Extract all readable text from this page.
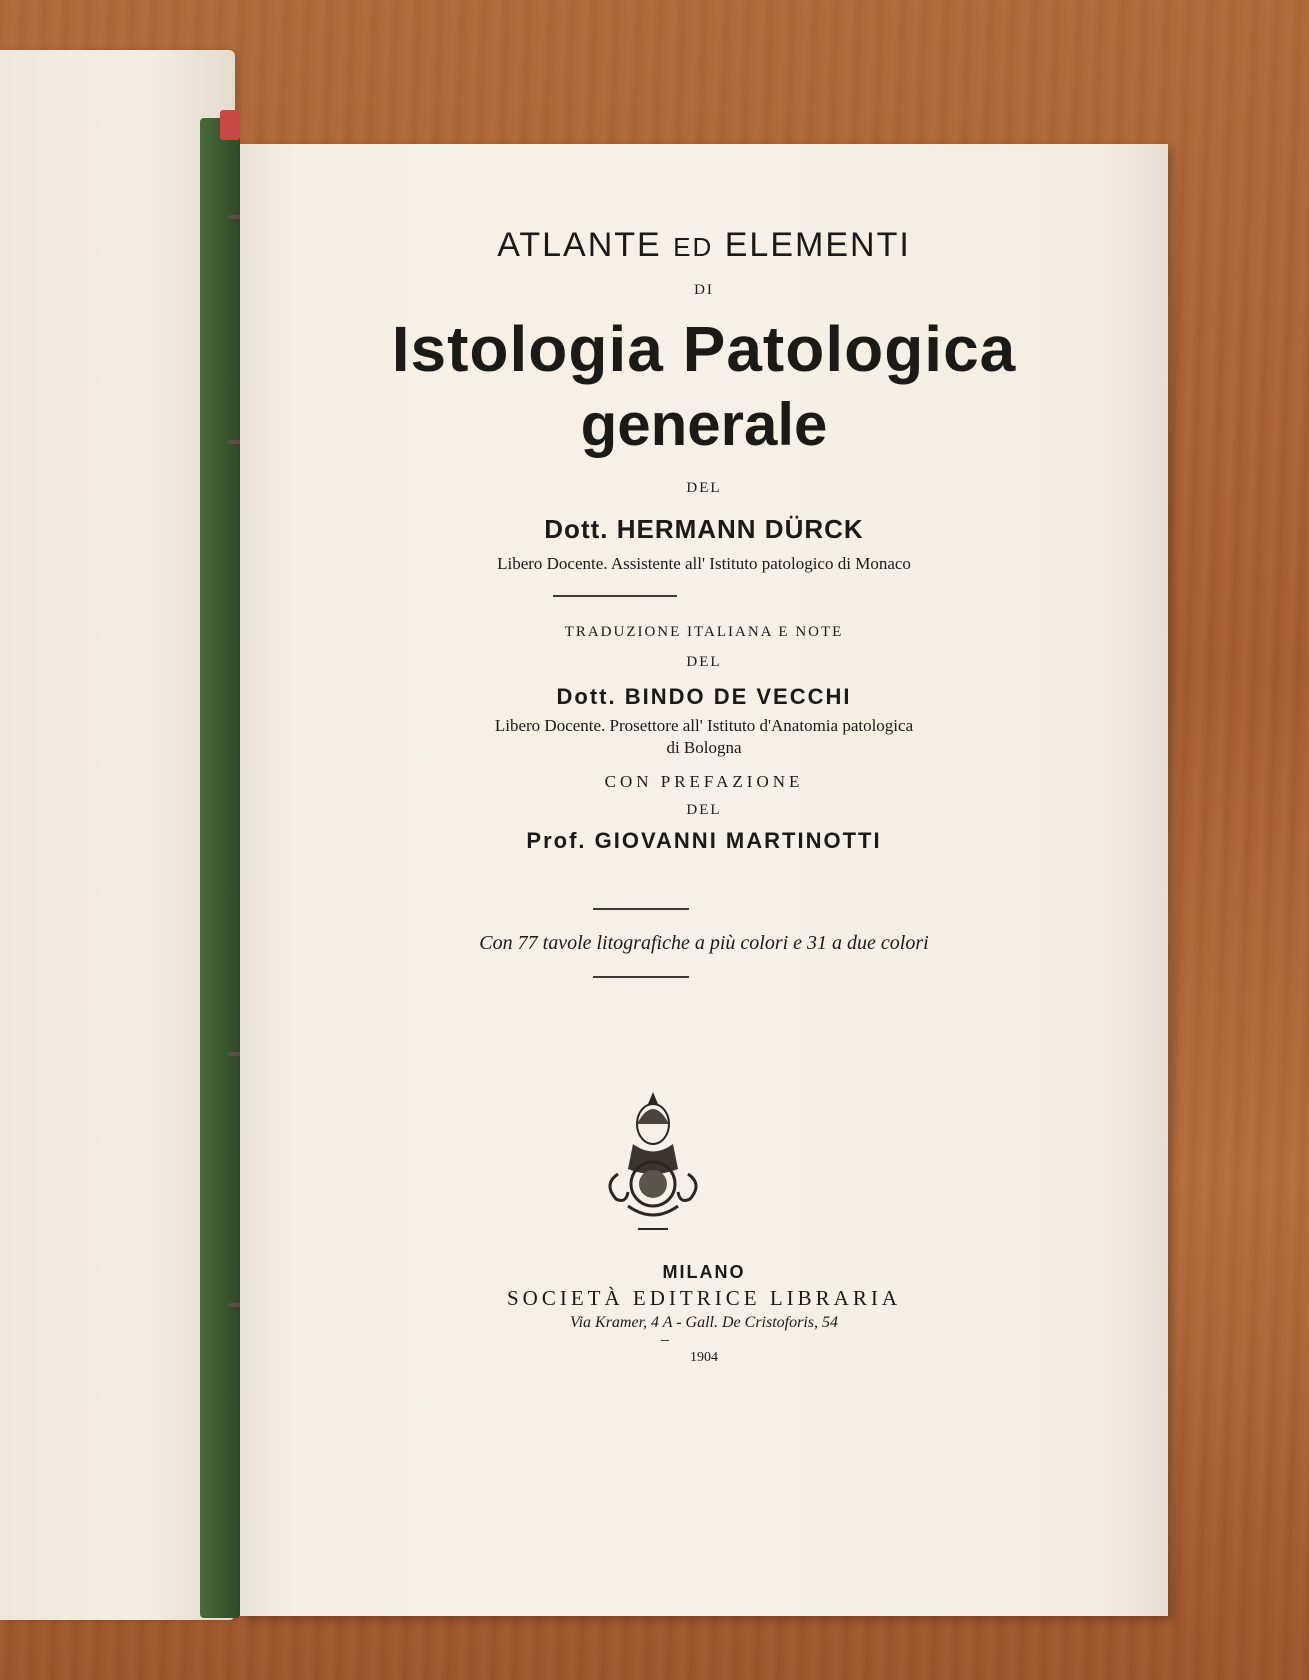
ATLANTE ED ELEMENTI
DI
Istologia Patologica
generale
DEL
Dott. HERMANN DÜRCK
Libero Docente. Assistente all' Istituto patologico di Monaco
TRADUZIONE ITALIANA E NOTE
DEL
Dott. BINDO DE VECCHI
Libero Docente. Prosettore all' Istituto d'Anatomia patologica
di Bologna
CON PREFAZIONE
DEL
Prof. GIOVANNI MARTINOTTI
Con 77 tavole litografiche a più colori e 31 a due colori
MILANO
SOCIETÀ EDITRICE LIBRARIA
Via Kramer, 4 A - Gall. De Cristoforis, 54
1904
